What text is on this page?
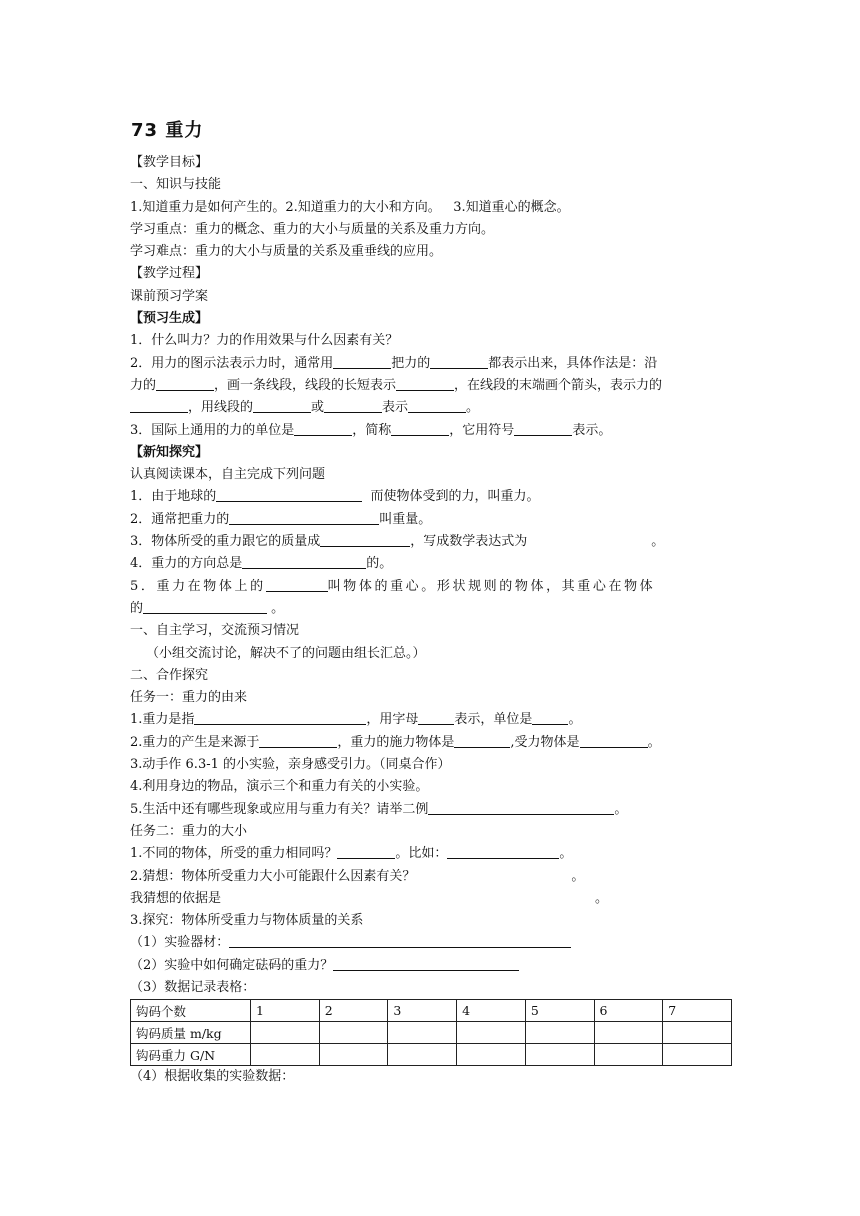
73 重力
【教学目标】
一、知识与技能
1.知道重力是如何产生的。2.知道重力的大小和方向。   3.知道重心的概念。
学习重点：重力的概念、重力的大小与质量的关系及重力方向。
学习难点：重力的大小与质量的关系及重垂线的应用。
【教学过程】
课前预习学案
【预习生成】
1．什么叫力？力的作用效果与什么因素有关？
2．用力的图示法表示力时，通常用	把力的	都表示出来，具体作法是：沿
力的	，画一条线段，线段的长短表示	，在线段的末端画个箭头，表示力的
，用线段的	或	表示	。
3．国际上通用的力的单位是	，简称	，它用符号	表示。
【新知探究】
认真阅读课本，自主完成下列问题
1．由于地球的	而使物体受到的力，叫重力。
2．通常把重力的	叫重量。
3．物体所受的重力跟它的质量成	，写成数学表达式为	。
4．重力的方向总是	的。
5．重力在物体上的	叫物体的重心。形状规则的物体，其重心在物体
的	。
一、自主学习，交流预习情况
（小组交流讨论，解决不了的问题由组长汇总。）
二、合作探究
任务一：重力的由来
1.重力是指	，用字母	表示，单位是	。
2.重力的产生是来源于	，重力的施力物体是	,受力物体是	。
3.动手作 6.3-1 的小实验，亲身感受引力。（同桌合作）
4.利用身边的物品，演示三个和重力有关的小实验。
5.生活中还有哪些现象或应用与重力有关？请举二例	。
任务二：重力的大小
1.不同的物体，所受的重力相同吗？	。比如：	。
2.猜想：物体所受重力大小可能跟什么因素有关？	。
我猜想的依据是	。
3.探究：物体所受重力与物体质量的关系
（1）实验器材：
（2）实验中如何确定砝码的重力？
（3）数据记录表格：
钩码个数	1	2	3	4	5	6	7
钩码质量 m/kg							
钩码重力 G/N							
（4）根据收集的实验数据：
